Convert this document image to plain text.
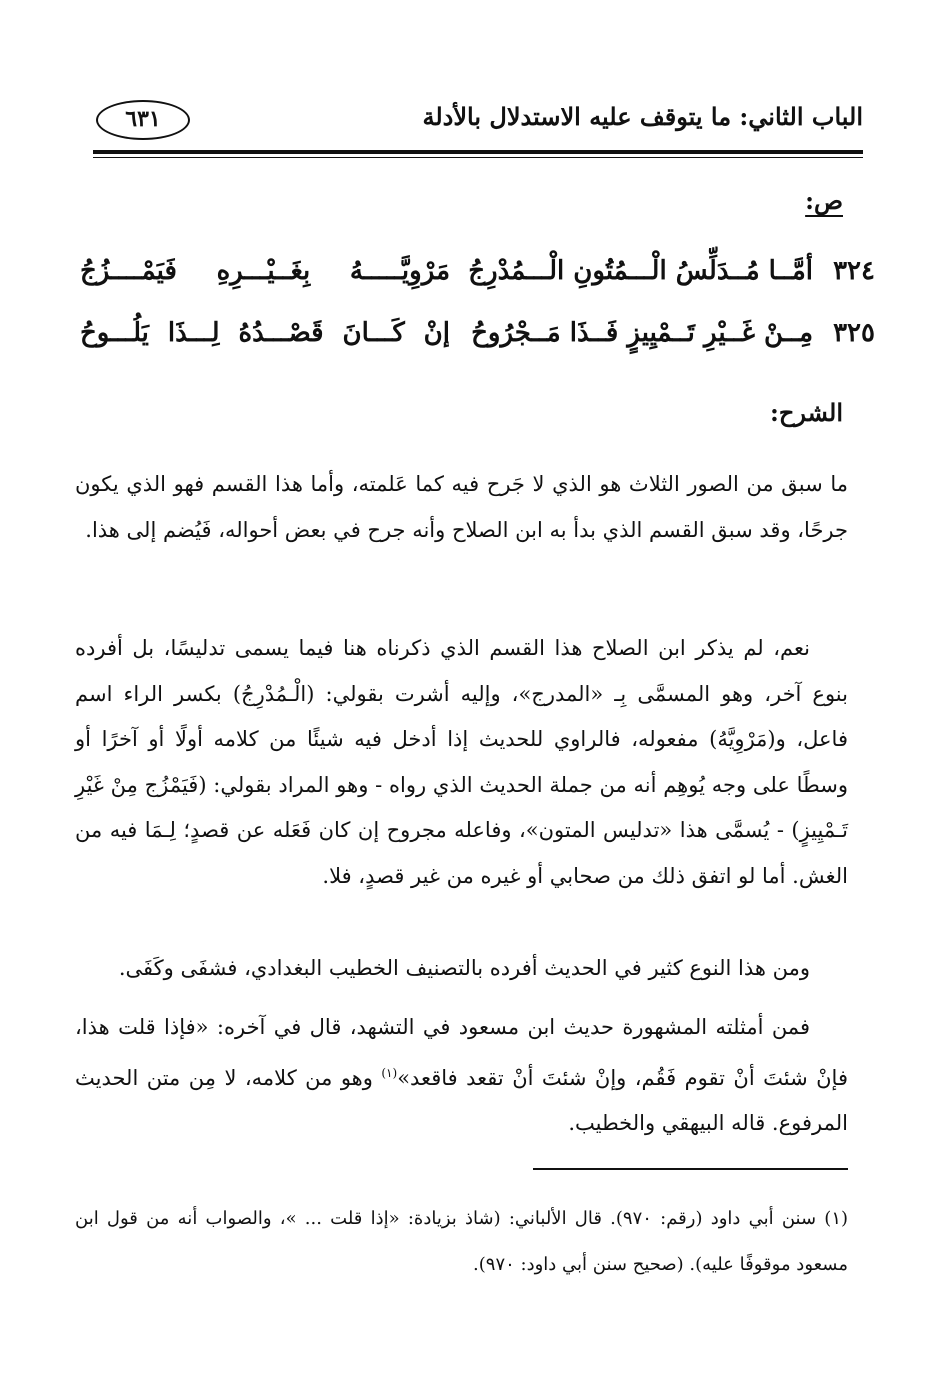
الباب الثاني: ما يتوقف عليه الاستدلال بالأدلة
٦٣١
ص:
٣٢٤
أمَّــا مُــدَلِّسُ الْـــمُتُونِ الْـــمُدْرِجُ
مَرْوِيَّـــــهُ بِغَــيْـــرِهِ فَيَمْــــزُجُ
٣٢٥
مِــنْ غَــيْرِ تَــمْيِيزٍ فَــذَا مَــجْرُوحُ
إنْ كَـــانَ قَصْـــدُهُ لِـــذَا يَلُـــوحُ
الشرح:
ما سبق من الصور الثلاث هو الذي لا جَرح فيه كما عَلمته، وأما هذا القسم فهو الذي يكون جرحًا، وقد سبق القسم الذي بدأ به ابن الصلاح وأنه جرح في بعض أحواله، فَيُضم إلى هذا.
نعم، لم يذكر ابن الصلاح هذا القسم الذي ذكرناه هنا فيما يسمى تدليسًا، بل أفرده بنوع آخر، وهو المسمَّى بِـ «المدرج»، وإليه أشرت بقولي: (الْـمُدْرِجُ) بكسر الراء اسم فاعل، و(مَرْوِيَّهُ) مفعوله، فالراوي للحديث إذا أدخل فيه شيئًا من كلامه أولًا أو آخرًا أو وسطًا على وجه يُوهِم أنه من جملة الحديث الذي رواه - وهو المراد بقولي: (فَيَمْزُج مِنْ غَيْرِ تَـمْيِيزٍ) - يُسمَّى هذا «تدليس المتون»، وفاعله مجروح إن كان فَعَله عن قصدٍ؛ لِـمَا فيه من الغش. أما لو اتفق ذلك من صحابي أو غيره من غير قصدٍ، فلا.
ومن هذا النوع كثير في الحديث أفرده بالتصنيف الخطيب البغدادي، فشفَى وكَفَى.
فمن أمثلته المشهورة حديث ابن مسعود في التشهد، قال في آخره: «فإذا قلت هذا، فإنْ شئتَ أنْ تقوم فَقُم، وإنْ شئتَ أنْ تقعد فاقعد»$^{(١)}$ وهو من كلامه، لا مِن متن الحديث المرفوع. قاله البيهقي والخطيب.
(١) سنن أبي داود (رقم: ٩٧٠). قال الألباني: (شاذ بزيادة: «إذا قلت ... »، والصواب أنه من قول ابن مسعود موقوفًا عليه). (صحيح سنن أبي داود: ٩٧٠).
